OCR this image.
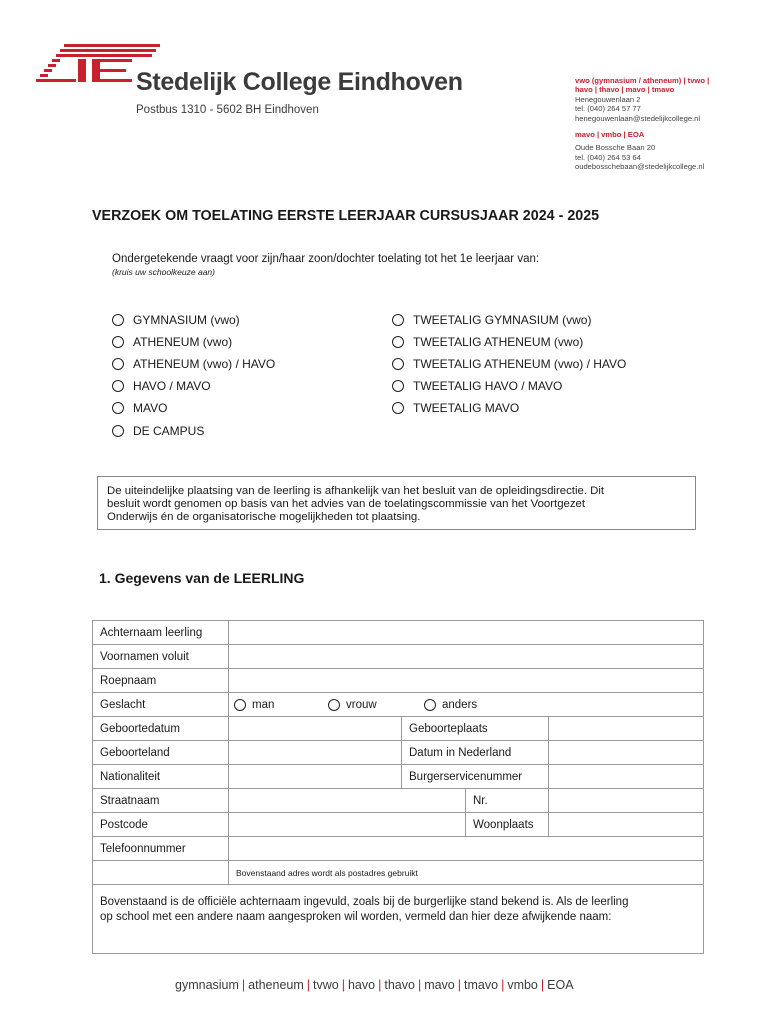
Stedelijk College Eindhoven
Postbus 1310 - 5602 BH Eindhoven
vwo (gymnasium / atheneum) | tvwo |
havo | thavo | mavo | tmavo
Henegouwenlaan 2
tel. (040) 264 57 77
henegouwenlaan@stedelijkcollege.nl
mavo | vmbo | EOA
Oude Bossche Baan 20
tel. (040) 264 53 64
oudebosschebaan@stedelijkcollege.nl
VERZOEK OM TOELATING EERSTE LEERJAAR CURSUSJAAR 2024 - 2025
Ondergetekende vraagt voor zijn/haar zoon/dochter toelating tot het 1e leerjaar van:
(kruis uw schoolkeuze aan)
GYMNASIUM (vwo)
ATHENEUM (vwo)
ATHENEUM (vwo) / HAVO
HAVO / MAVO
MAVO
DE CAMPUS
TWEETALIG GYMNASIUM (vwo)
TWEETALIG ATHENEUM (vwo)
TWEETALIG ATHENEUM (vwo) / HAVO
TWEETALIG HAVO / MAVO
TWEETALIG MAVO

De uiteindelijke plaatsing van de leerling is afhankelijk van het besluit van de opleidingsdirectie. Dit

besluit wordt genomen op basis van het advies van de toelatingscommissie van het Voortgezet

Onderwijs én de organisatorische mogelijkheden tot plaatsing.

1. Gegevens van de LEERLING
Achternaam leerling
Voornamen voluit
Roepnaam
Geslacht	man	vrouw	anders
Geboortedatum	Geboorteplaats
Geboorteland	Datum in Nederland
Nationaliteit	Burgerservicenummer
Straatnaam	Nr.
Postcode	Woonplaats
Telefoonnummer
Bovenstaand adres wordt als postadres gebruikt

Bovenstaand is de officiële achternaam ingevuld, zoals bij de burgerlijke stand bekend is. Als de leerling

op school met een andere naam aangesproken wil worden, vermeld dan hier deze afwijkende naam:

gymnasium | atheneum | tvwo | havo | thavo | mavo | tmavo | vmbo | EOA
